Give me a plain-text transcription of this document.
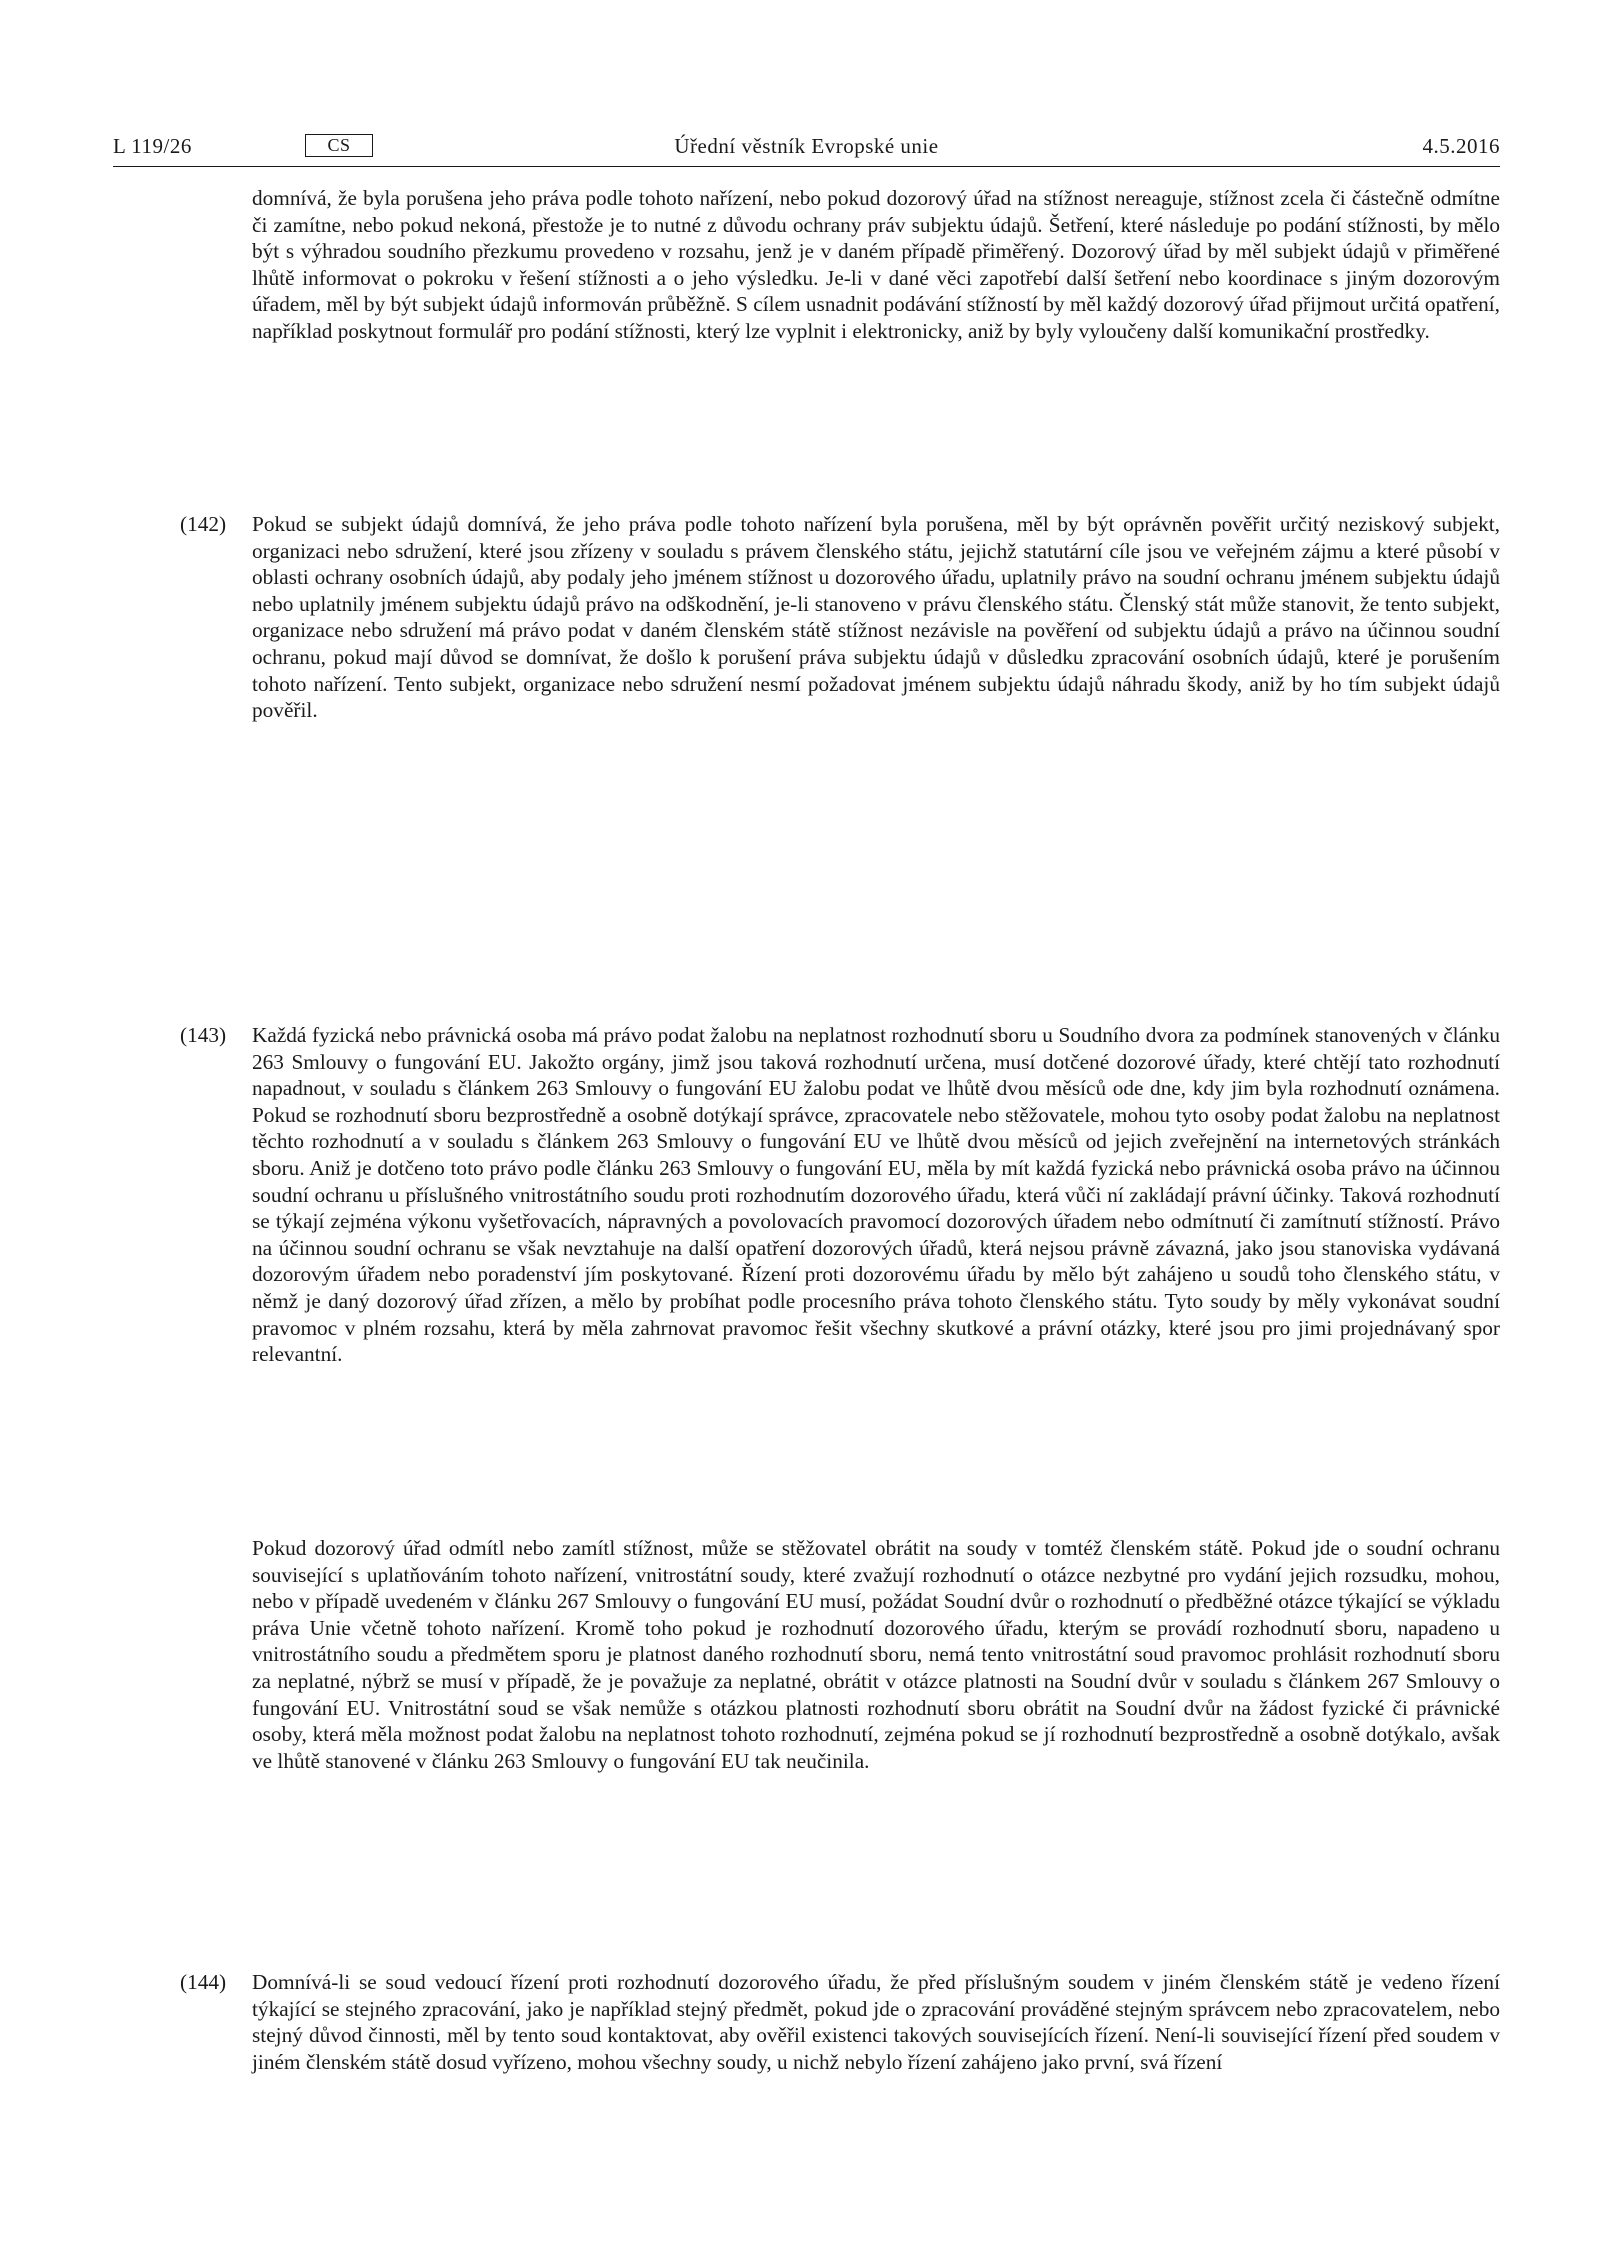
L 119/26	CS	Úřední věstník Evropské unie	4.5.2016
domnívá, že byla porušena jeho práva podle tohoto nařízení, nebo pokud dozorový úřad na stížnost nereaguje, stížnost zcela či částečně odmítne či zamítne, nebo pokud nekoná, přestože je to nutné z důvodu ochrany práv subjektu údajů. Šetření, které následuje po podání stížnosti, by mělo být s výhradou soudního přezkumu provedeno v rozsahu, jenž je v daném případě přiměřený. Dozorový úřad by měl subjekt údajů v přiměřené lhůtě informovat o pokroku v řešení stížnosti a o jeho výsledku. Je-li v dané věci zapotřebí další šetření nebo koordinace s jiným dozorovým úřadem, měl by být subjekt údajů informován průběžně. S cílem usnadnit podávání stížností by měl každý dozorový úřad přijmout určitá opatření, například poskytnout formulář pro podání stížnosti, který lze vyplnit i elektronicky, aniž by byly vyloučeny další komunikační prostředky.
(142) Pokud se subjekt údajů domnívá, že jeho práva podle tohoto nařízení byla porušena, měl by být oprávněn pověřit určitý neziskový subjekt, organizaci nebo sdružení, které jsou zřízeny v souladu s právem členského státu, jejichž statutární cíle jsou ve veřejném zájmu a které působí v oblasti ochrany osobních údajů, aby podaly jeho jménem stížnost u dozorového úřadu, uplatnily právo na soudní ochranu jménem subjektu údajů nebo uplatnily jménem subjektu údajů právo na odškodnění, je-li stanoveno v právu členského státu. Členský stát může stanovit, že tento subjekt, organizace nebo sdružení má právo podat v daném členském státě stížnost nezávisle na pověření od subjektu údajů a právo na účinnou soudní ochranu, pokud mají důvod se domnívat, že došlo k porušení práva subjektu údajů v důsledku zpracování osobních údajů, které je porušením tohoto nařízení. Tento subjekt, organizace nebo sdružení nesmí požadovat jménem subjektu údajů náhradu škody, aniž by ho tím subjekt údajů pověřil.
(143) Každá fyzická nebo právnická osoba má právo podat žalobu na neplatnost rozhodnutí sboru u Soudního dvora za podmínek stanovených v článku 263 Smlouvy o fungování EU. Jakožto orgány, jimž jsou taková rozhodnutí určena, musí dotčené dozorové úřady, které chtějí tato rozhodnutí napadnout, v souladu s článkem 263 Smlouvy o fungování EU žalobu podat ve lhůtě dvou měsíců ode dne, kdy jim byla rozhodnutí oznámena. Pokud se rozhodnutí sboru bezprostředně a osobně dotýkají správce, zpracovatele nebo stěžovatele, mohou tyto osoby podat žalobu na neplatnost těchto rozhodnutí a v souladu s článkem 263 Smlouvy o fungování EU ve lhůtě dvou měsíců od jejich zveřejnění na internetových stránkách sboru. Aniž je dotčeno toto právo podle článku 263 Smlouvy o fungování EU, měla by mít každá fyzická nebo právnická osoba právo na účinnou soudní ochranu u příslušného vnitrostátního soudu proti rozhodnutím dozorového úřadu, která vůči ní zakládají právní účinky. Taková rozhodnutí se týkají zejména výkonu vyšetřovacích, nápravných a povolovacích pravomocí dozorových úřadem nebo odmítnutí či zamítnutí stížností. Právo na účinnou soudní ochranu se však nevztahuje na další opatření dozorových úřadů, která nejsou právně závazná, jako jsou stanoviska vydávaná dozorovým úřadem nebo poradenství jím poskytované. Řízení proti dozorovému úřadu by mělo být zahájeno u soudů toho členského státu, v němž je daný dozorový úřad zřízen, a mělo by probíhat podle procesního práva tohoto členského státu. Tyto soudy by měly vykonávat soudní pravomoc v plném rozsahu, která by měla zahrnovat pravomoc řešit všechny skutkové a právní otázky, které jsou pro jimi projednávaný spor relevantní.
Pokud dozorový úřad odmítl nebo zamítl stížnost, může se stěžovatel obrátit na soudy v tomtéž členském státě. Pokud jde o soudní ochranu související s uplatňováním tohoto nařízení, vnitrostátní soudy, které zvažují rozhodnutí o otázce nezbytné pro vydání jejich rozsudku, mohou, nebo v případě uvedeném v článku 267 Smlouvy o fungování EU musí, požádat Soudní dvůr o rozhodnutí o předběžné otázce týkající se výkladu práva Unie včetně tohoto nařízení. Kromě toho pokud je rozhodnutí dozorového úřadu, kterým se provádí rozhodnutí sboru, napadeno u vnitrostátního soudu a předmětem sporu je platnost daného rozhodnutí sboru, nemá tento vnitrostátní soud pravomoc prohlásit rozhodnutí sboru za neplatné, nýbrž se musí v případě, že je považuje za neplatné, obrátit v otázce platnosti na Soudní dvůr v souladu s článkem 267 Smlouvy o fungování EU. Vnitrostátní soud se však nemůže s otázkou platnosti rozhodnutí sboru obrátit na Soudní dvůr na žádost fyzické či právnické osoby, která měla možnost podat žalobu na neplatnost tohoto rozhodnutí, zejména pokud se jí rozhodnutí bezprostředně a osobně dotýkalo, avšak ve lhůtě stanovené v článku 263 Smlouvy o fungování EU tak neučinila.
(144) Domnívá-li se soud vedoucí řízení proti rozhodnutí dozorového úřadu, že před příslušným soudem v jiném členském státě je vedeno řízení týkající se stejného zpracování, jako je například stejný předmět, pokud jde o zpracování prováděné stejným správcem nebo zpracovatelem, nebo stejný důvod činnosti, měl by tento soud kontaktovat, aby ověřil existenci takových souvisejících řízení. Není-li související řízení před soudem v jiném členském státě dosud vyřízeno, mohou všechny soudy, u nichž nebylo řízení zahájeno jako první, svá řízení
